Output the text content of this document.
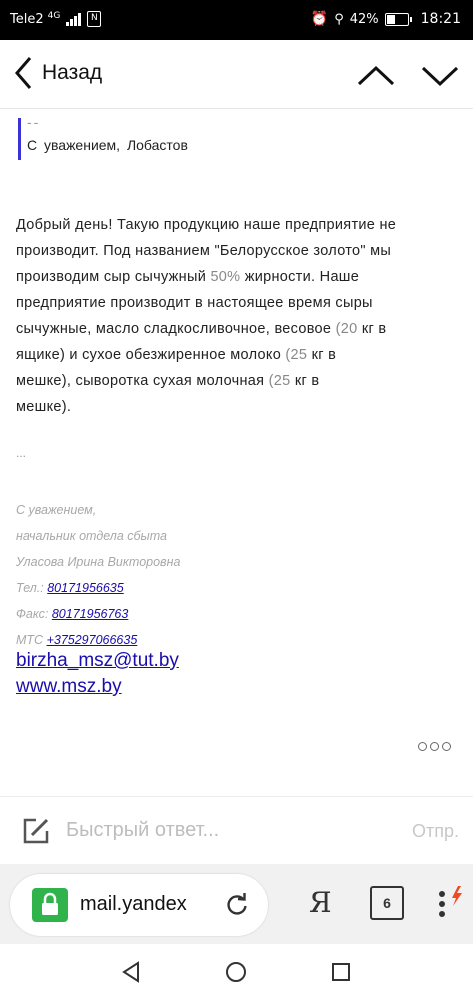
Tele2 4G	N	⏰ ⚲ 42%	18:21
Назад
--
С уважением, Лобастов
Добрый день! Такую продукцию наше предприятие не
производит. Под названием "Белорусское золото" мы
производим сыр сычужный 50% жирности. Наше
предприятие производит в настоящее время сыры
сычужные, масло сладкосливочное, весовое (20 кг в
ящике) и сухое обезжиренное молоко (25 кг в
мешке), сыворотка сухая молочная (25 кг в
мешке).
...
С уважением,
начальник отдела сбыта
Уласова Ирина Викторовна
Тел.: 80171956635
Факс: 80171956763
МТС +375297066635
birzha_msz@tut.by
www.msz.by
Быстрый ответ...	Отпр.
mail.yandex	Я	6
